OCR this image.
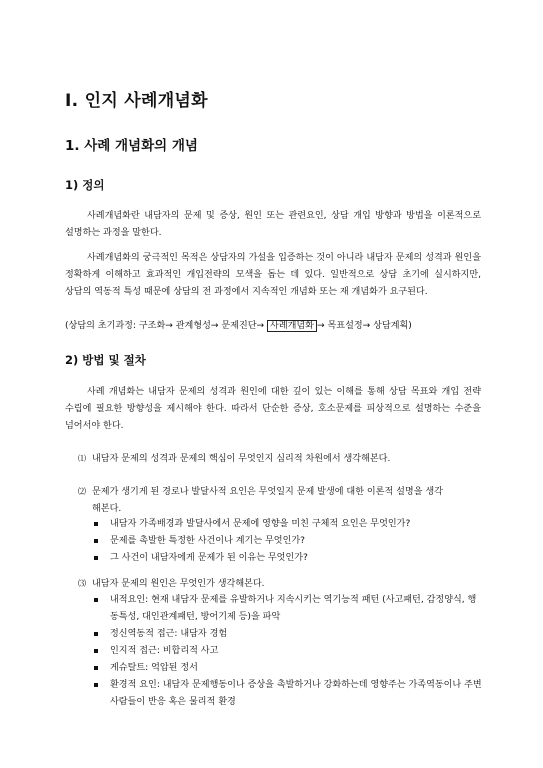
I. 인지 사례개념화
1. 사례 개념화의 개념
1) 정의
사례개념화란 내담자의 문제 및 증상, 원인 또는 관련요인, 상담 개입 방향과 방법을 이론적으로 설명하는 과정을 말한다.
사례개념화의 궁극적인 목적은 상담자의 가설을 입증하는 것이 아니라 내담자 문제의 성격과 원인을 정확하게 이해하고 효과적인 개입전략의 모색을 돕는 데 있다. 일반적으로 상담 초기에 실시하지만, 상담의 역동적 특성 때문에 상담의 전 과정에서 지속적인 개념화 또는 재 개념화가 요구된다.
(상담의 초기과정: 구조화→ 관계형성→ 문제진단→ 사례개념화 → 목표설정→ 상담계획)
2) 방법 및 절차
사례 개념화는 내담자 문제의 성격과 원인에 대한 깊이 있는 이해를 통해 상담 목표와 개입 전략 수립에 필요한 방향성을 제시해야 한다. 따라서 단순한 증상, 호소문제를 피상적으로 설명하는 수준을 넘어서야 한다.
⑴ 내담자 문제의 성격과 문제의 핵심이 무엇인지 심리적 차원에서 생각해본다.
⑵ 문제가 생기게 된 경로나 발달사적 요인은 무엇일지 문제 발생에 대한 이론적 설명을 생각
해본다.
내담자 가족배경과 발달사에서 문제에 영향을 미친 구체적 요인은 무엇인가?
문제를 촉발한 특정한 사건이나 계기는 무엇인가?
그 사건이 내담자에게 문제가 된 이유는 무엇인가?
⑶ 내담자 문제의 원인은 무엇인가 생각해본다.
내적요인: 현재 내담자 문제를 유발하거나 지속시키는 역기능적 패턴 (사고패턴, 감정양식, 행동특성, 대인관계패턴, 방어기제 등)을 파악
정신역동적 접근: 내담자 경험
인지적 접근: 비합리적 사고
게슈탈트: 억압된 정서
환경적 요인: 내담자 문제행동이나 증상을 촉발하거나 강화하는데 영향주는 가족역동이나 주변사람들이 반응 혹은 물리적 환경
